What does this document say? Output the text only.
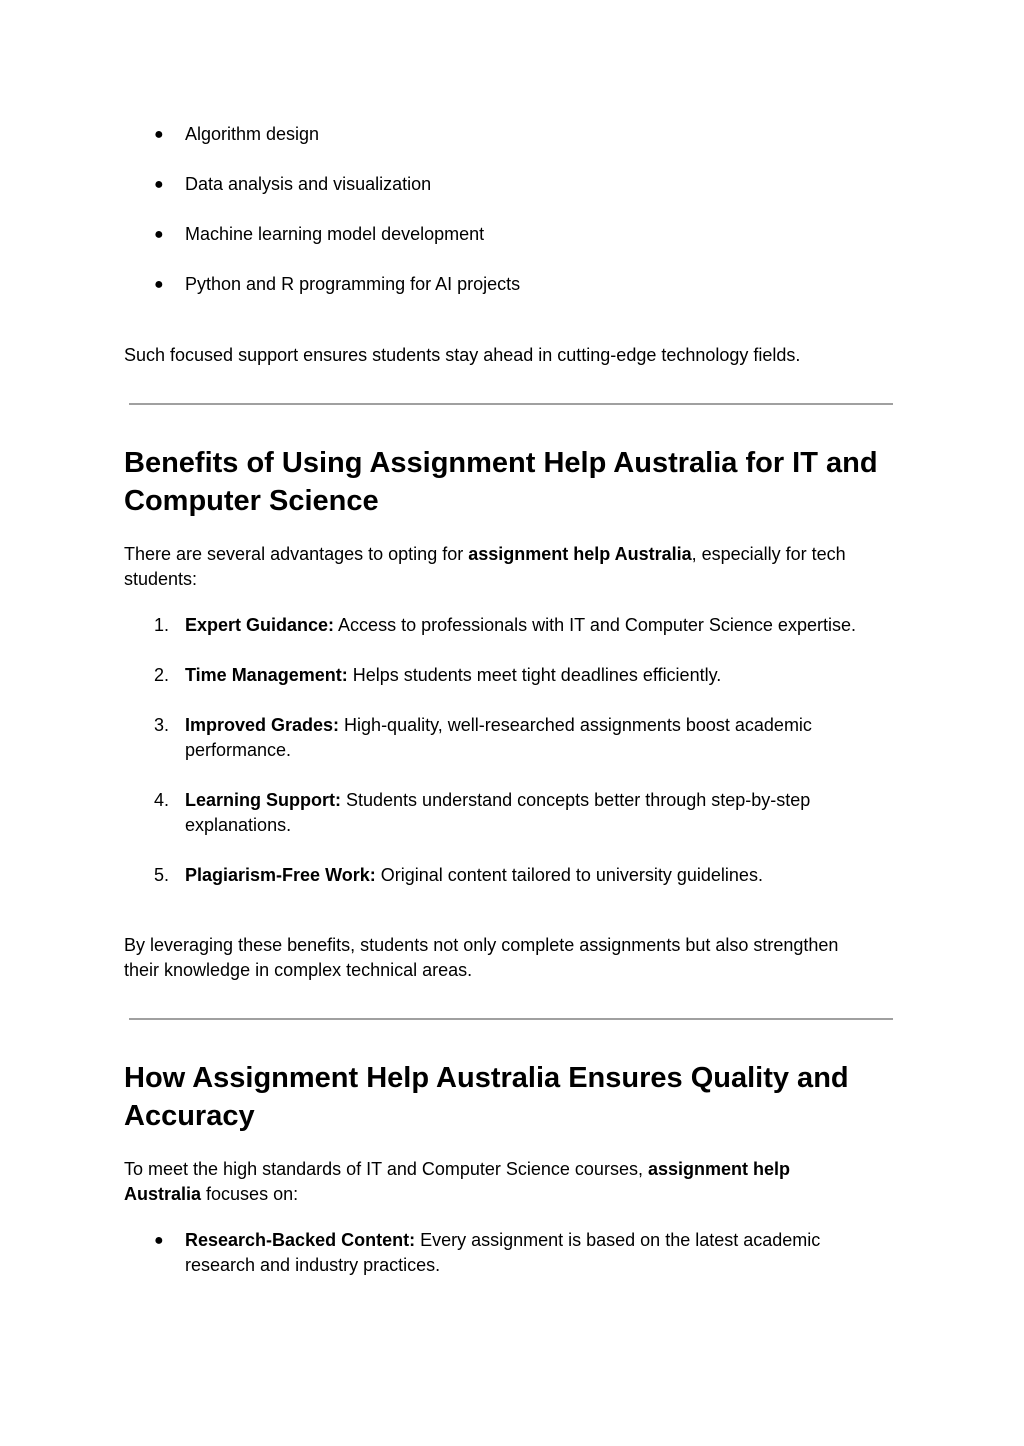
● Algorithm design
● Data analysis and visualization
● Machine learning model development
● Python and R programming for AI projects

Such focused support ensures students stay ahead in cutting-edge technology fields.

Benefits of Using Assignment Help Australia for IT and
Computer Science

There are several advantages to opting for assignment help Australia, especially for tech
students:

1. Expert Guidance: Access to professionals with IT and Computer Science expertise.
2. Time Management: Helps students meet tight deadlines efficiently.
3. Improved Grades: High-quality, well-researched assignments boost academic
performance.
4. Learning Support: Students understand concepts better through step-by-step
explanations.
5. Plagiarism-Free Work: Original content tailored to university guidelines.

By leveraging these benefits, students not only complete assignments but also strengthen
their knowledge in complex technical areas.

How Assignment Help Australia Ensures Quality and
Accuracy

To meet the high standards of IT and Computer Science courses, assignment help
Australia focuses on:

● Research-Backed Content: Every assignment is based on the latest academic
research and industry practices.
